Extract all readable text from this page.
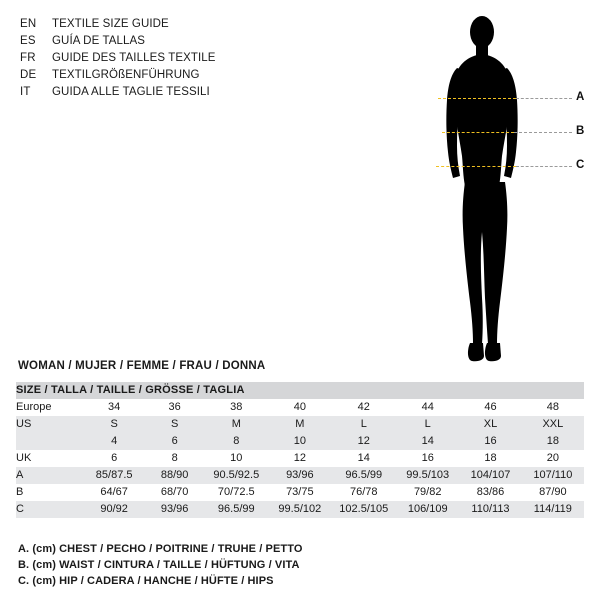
EN	TEXTILE SIZE GUIDE
ES	GUÍA DE TALLAS
FR	GUIDE DES TAILLES TEXTILE
DE	TEXTILGRÖßENFÜHRUNG
IT	GUIDA ALLE TAGLIE TESSILI	A
B
C
WOMAN / MUJER / FEMME / FRAU / DONNA
SIZE / TALLA / TAILLE / GRÖSSE / TAGLIA								
Europe	34	36	38	40	42	44	46	48
US	S	S	M	M	L	L	XL	XXL
	4	6	8	10	12	14	16	18
UK	6	8	10	12	14	16	18	20
A	85/87.5	88/90	90.5/92.5	93/96	96.5/99	99.5/103	104/107	107/110
B	64/67	68/70	70/72.5	73/75	76/78	79/82	83/86	87/90
C	90/92	93/96	96.5/99	99.5/102	102.5/105	106/109	110/113	114/119
A. (cm) CHEST / PECHO / POITRINE / TRUHE / PETTO
B. (cm) WAIST / CINTURA / TAILLE / HÜFTUNG / VITA
C. (cm) HIP / CADERA / HANCHE / HÜFTE / HIPS
